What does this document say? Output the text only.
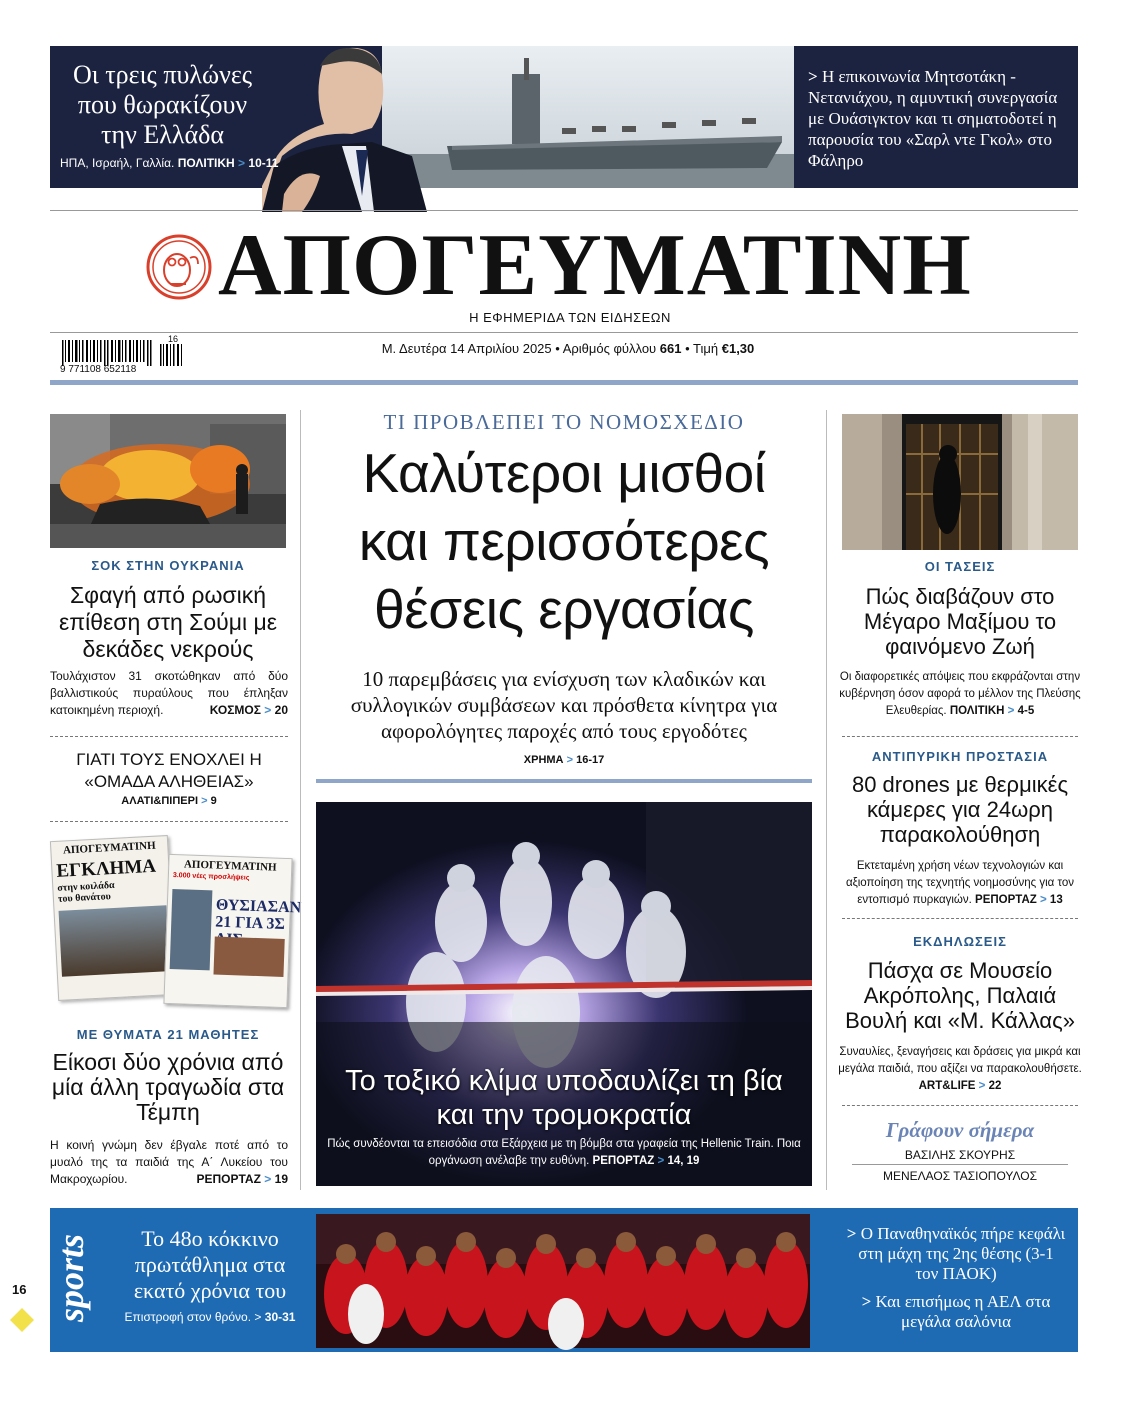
Οι τρεις πυλώνες που θωρακίζουν την Ελλάδα
ΗΠΑ, Ισραήλ, Γαλλία. ΠΟΛΙΤΙΚΗ > 10-11
> Η επικοινωνία Μητσοτάκη - Νετανιάχου, η αμυντική συνεργασία με Ουάσιγκτον και τι σηματοδοτεί η παρουσία του «Σαρλ ντε Γκολ» στο Φάληρο
ΑΠΟΓΕΥΜΑΤΙΝΗ
Η ΕΦΗΜΕΡΙΔΑ ΤΩΝ ΕΙΔΗΣΕΩΝ
9 771108 652118
16
Μ. Δευτέρα 14 Απριλίου 2025 • Αριθμός φύλλου 661 • Τιμή €1,30
ΣΟΚ ΣΤΗΝ ΟΥΚΡΑΝΙΑ
Σφαγή από ρωσική επίθεση στη Σούμι με δεκάδες νεκρούς
Τουλάχιστον 31 σκοτώθηκαν από δύο βαλλιστικούς πυραύλους που έπληξαν κατοικημένη περιοχή.	ΚΟΣΜΟΣ > 20
ΓΙΑΤΙ ΤΟΥΣ ΕΝΟΧΛΕΙ Η «ΟΜΑΔΑ ΑΛΗΘΕΙΑΣ»
ΑΛΑΤΙ&ΠΙΠΕΡΙ > 9
ΑΠΟΓΕΥΜΑΤΙΝΗ
ΕΓΚΛΗΜΑ
στην κοιλάδα του θανάτου
ΑΠΟΓΕΥΜΑΤΙΝΗ
3.000 νέες προσλήψεις
ΘΥΣΙΑΣΑΝ 21 ΓΙΑ 3Σ
ΜΕ ΘΥΜΑΤΑ 21 ΜΑΘΗΤΕΣ
Είκοσι δύο χρόνια από μία άλλη τραγωδία στα Τέμπη
Η κοινή γνώμη δεν έβγαλε ποτέ από το μυαλό της τα παιδιά της Α΄ Λυκείου του Μακροχωρίου.	ΡΕΠΟΡΤΑΖ > 19
ΤΙ ΠΡΟΒΛΕΠΕΙ ΤΟ ΝΟΜΟΣΧΕΔΙΟ
Καλύτεροι μισθοί
και περισσότερες
θέσεις εργασίας
10 παρεμβάσεις για ενίσχυση των κλαδικών και συλλογικών συμβάσεων και πρόσθετα κίνητρα για αφορολόγητες παροχές από τους εργοδότες
ΧΡΗΜΑ > 16-17
Το τοξικό κλίμα υποδαυλίζει τη βία και την τρομοκρατία
Πώς συνδέονται τα επεισόδια στα Εξάρχεια με τη βόμβα στα γραφεία της Hellenic Train. Ποια οργάνωση ανέλαβε την ευθύνη. ΡΕΠΟΡΤΑΖ > 14, 19
ΟΙ ΤΑΣΕΙΣ
Πώς διαβάζουν στο Μέγαρο Μαξίμου το φαινόμενο Ζωή
Οι διαφορετικές απόψεις που εκφράζονται στην κυβέρνηση όσον αφορά το μέλλον της Πλεύσης Ελευθερίας. ΠΟΛΙΤΙΚΗ > 4-5
ΑΝΤΙΠΥΡΙΚΗ ΠΡΟΣΤΑΣΙΑ
80 drones με θερμικές κάμερες για 24ωρη παρακολούθηση
Εκτεταμένη χρήση νέων τεχνολογιών και αξιοποίηση της τεχνητής νοημοσύνης για τον εντοπισμό πυρκαγιών. ΡΕΠΟΡΤΑΖ > 13
ΕΚΔΗΛΩΣΕΙΣ
Πάσχα σε Μουσείο Ακρόπολης, Παλαιά Βουλή και «Μ. Κάλλας»
Συναυλίες, ξεναγήσεις και δράσεις για μικρά και μεγάλα παιδιά, που αξίζει να παρακολουθήσετε. ART&LIFE > 22
Γράφουν σήμερα
ΒΑΣΙΛΗΣ ΣΚΟΥΡΗΣ
ΜΕΝΕΛΑΟΣ ΤΑΣΙΟΠΟΥΛΟΣ
sports	Το 48ο κόκκινο πρωτάθλημα στα εκατό χρόνια του
Επιστροφή στον θρόνο. > 30-31
> Ο Παναθηναϊκός πήρε κεφάλι στη μάχη της 2ης θέσης (3-1 τον ΠΑΟΚ)
> Και επισήμως η ΑΕΛ στα μεγάλα σαλόνια
16
